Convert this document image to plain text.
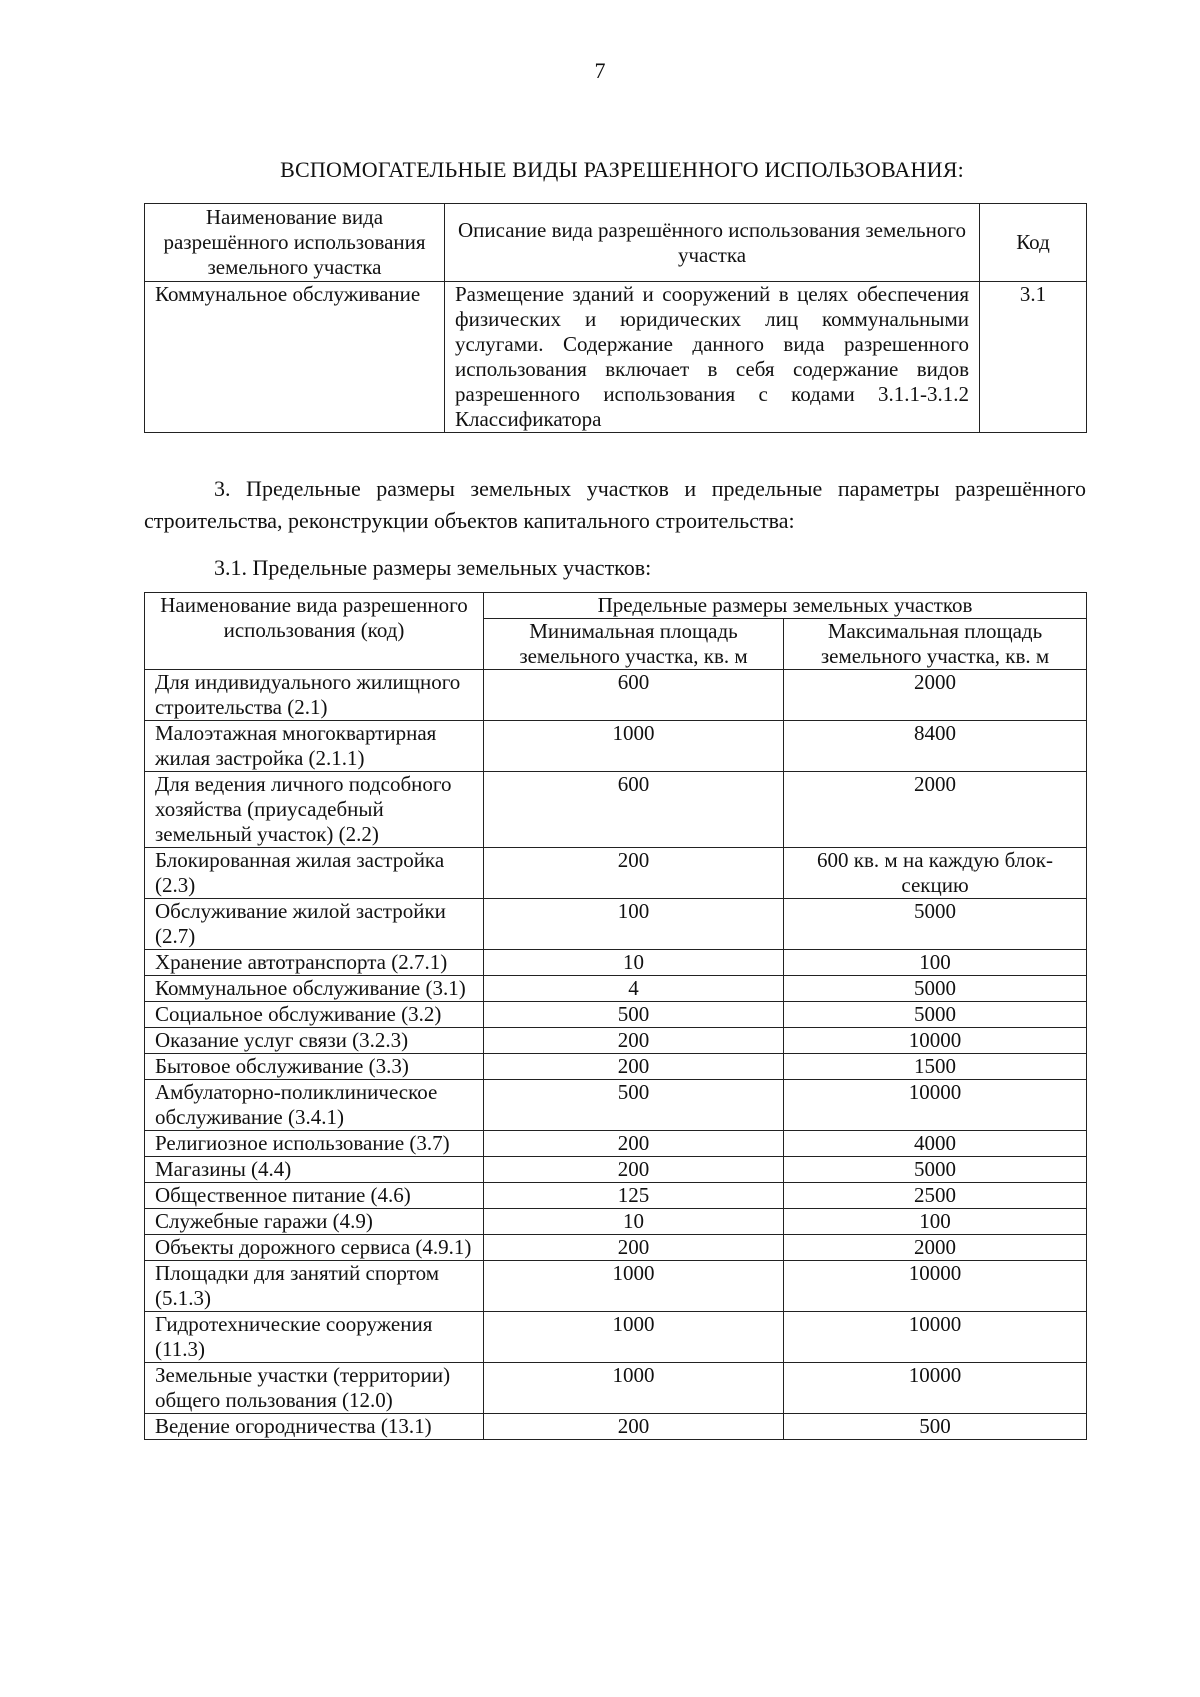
7
ВСПОМОГАТЕЛЬНЫЕ ВИДЫ РАЗРЕШЕННОГО ИСПОЛЬЗОВАНИЯ:
Наименование вида разрешённого использования земельного участка	Описание вида разрешённого использования земельного участка	Код
Коммунальное обслуживание	Размещение зданий и сооружений в целях обеспечения физических и юридических лиц коммунальными услугами. Содержание данного вида разрешенного использования включает в себя содержание видов разрешенного использования с кодами 3.1.1-3.1.2 Классификатора	3.1
3. Предельные размеры земельных участков и предельные параметры разрешённого строительства, реконструкции объектов капитального строительства:
3.1. Предельные размеры земельных участков:
Наименование вида разрешенного использования (код)	Предельные размеры земельных участков	
	Минимальная площадь земельного участка, кв. м	Максимальная площадь земельного участка, кв. м
Для индивидуального жилищного строительства (2.1)	600	2000
Малоэтажная многоквартирная жилая застройка (2.1.1)	1000	8400
Для ведения личного подсобного хозяйства (приусадебный земельный участок) (2.2)	600	2000
Блокированная жилая застройка (2.3)	200	600 кв. м на каждую блок-секцию
Обслуживание жилой застройки (2.7)	100	5000
Хранение автотранспорта (2.7.1)	10	100
Коммунальное обслуживание (3.1)	4	5000
Социальное обслуживание (3.2)	500	5000
Оказание услуг связи (3.2.3)	200	10000
Бытовое обслуживание (3.3)	200	1500
Амбулаторно-поликлиническое обслуживание (3.4.1)	500	10000
Религиозное использование (3.7)	200	4000
Магазины (4.4)	200	5000
Общественное питание (4.6)	125	2500
Служебные гаражи (4.9)	10	100
Объекты дорожного сервиса (4.9.1)	200	2000
Площадки для занятий спортом (5.1.3)	1000	10000
Гидротехнические сооружения (11.3)	1000	10000
Земельные участки (территории) общего пользования (12.0)	1000	10000
Ведение огородничества (13.1)	200	500
